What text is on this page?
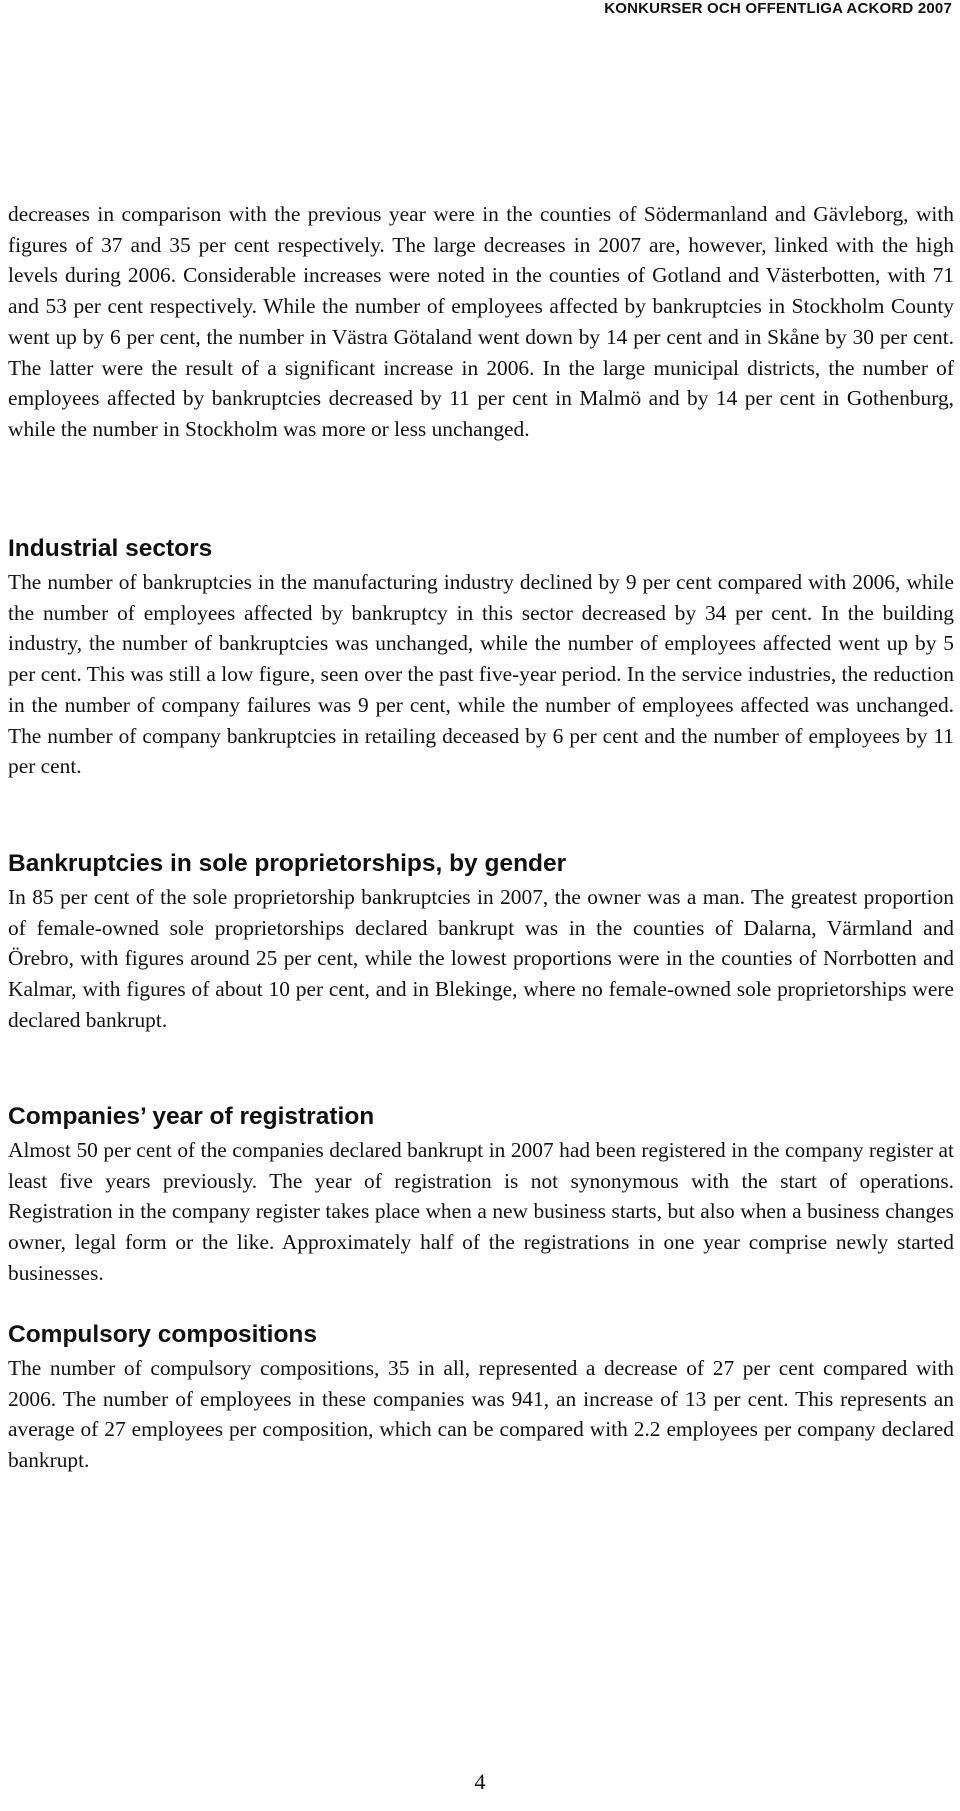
KONKURSER OCH OFFENTLIGA ACKORD 2007

decreases in comparison with the previous year were in the counties of Södermanland and Gävleborg, with figures of 37 and 35 per cent respectively. The large decreases in 2007 are, however, linked with the high levels during 2006. Considerable increases were noted in the counties of Gotland and Västerbotten, with 71 and 53 per cent respectively. While the number of employees affected by bankruptcies in Stockholm County went up by 6 per cent, the number in Västra Götaland went down by 14 per cent and in Skåne by 30 per cent. The latter were the result of a significant increase in 2006. In the large municipal districts, the number of employees affected by bankruptcies decreased by 11 per cent in Malmö and by 14 per cent in Gothenburg, while the number in Stockholm was more or less unchanged.

Industrial sectors

The number of bankruptcies in the manufacturing industry declined by 9 per cent compared with 2006, while the number of employees affected by bankruptcy in this sector decreased by 34 per cent. In the building industry, the number of bankruptcies was unchanged, while the number of employees affected went up by 5 per cent. This was still a low figure, seen over the past five-year period. In the service industries, the reduction in the number of company failures was 9 per cent, while the number of employees affected was unchanged. The number of company bankruptcies in retailing deceased by 6 per cent and the number of employees by 11 per cent.

Bankruptcies in sole proprietorships, by gender

In 85 per cent of the sole proprietorship bankruptcies in 2007, the owner was a man. The greatest proportion of female-owned sole proprietorships declared bankrupt was in the counties of Dalarna, Värmland and Örebro, with figures around 25 per cent, while the lowest proportions were in the counties of Norrbotten and Kalmar, with figures of about 10 per cent, and in Blekinge, where no female-owned sole proprietorships were declared bankrupt.

Companies’ year of registration

Almost 50 per cent of the companies declared bankrupt in 2007 had been registered in the company register at least five years previously. The year of registration is not synonymous with the start of operations. Registration in the company register takes place when a new business starts, but also when a business changes owner, legal form or the like. Approximately half of the registrations in one year comprise newly started businesses.

Compulsory compositions

The number of compulsory compositions, 35 in all, represented a decrease of 27 per cent compared with 2006. The number of employees in these companies was 941, an increase of 13 per cent. This represents an average of 27 employees per composition, which can be compared with 2.2 employees per company declared bankrupt.

4
